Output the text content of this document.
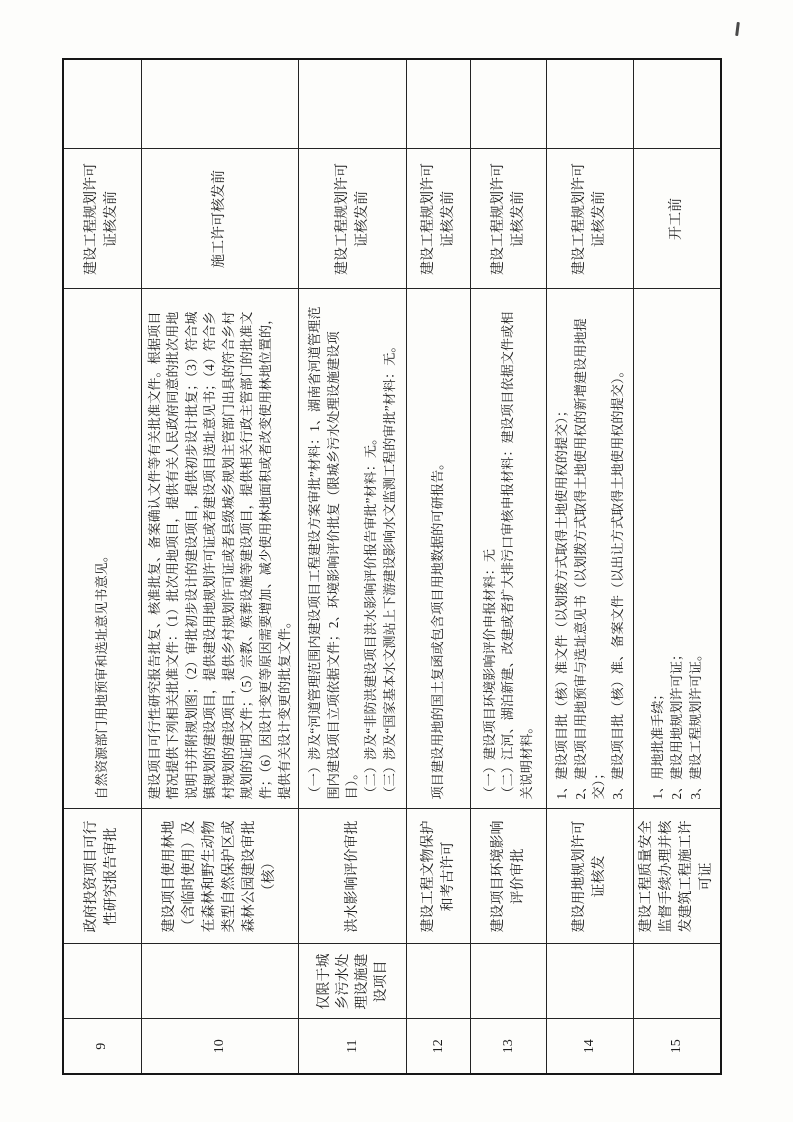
9		政府投资项目可行性研究报告审批	自然资源部门用地预审和选址意见书意见。	建设工程规划许可证核发前	
10		建设项目使用林地（含临时使用）及在森林和野生动物类型自然保护区或森林公园建设审批（核）	建设项目可行性研究报告批复、核准批复、备案确认文件等有关批准文件。根据项目情况提供下列相关批准文件：（1）批次用地项目，提供有关人民政府同意的批次用地说明书并附规划图；（2）审批初步设计的建设项目，提供初步设计批复；（3）符合城镇规划的建设项目，提供建设用地规划许可证或者建设项目选址意见书；（4）符合乡村规划的建设项目，提供乡村规划许可证或者县级城乡规划主管部门出具的符合乡村规划的证明文件；（5）宗教、殡葬设施等建设项目，提供相关行政主管部门的批准文件；（6）因设计变更等原因需要增加、减少使用林地面积或者改变使用林地位置的，提供有关设计变更的批复文件。	施工许可核发前	
11	仅限于城乡污水处理设施建设项目	洪水影响评价审批	（一）涉及“河道管理范围内建设项目工程建设方案审批”材料：1、湖南省河道管理范围内建设项目立项依据文件；2、环境影响评价批复（限城乡污水处理设施建设项目）。 （二）涉及“非防洪建设项目洪水影响评价报告审批”材料：无。 （三）涉及“国家基本水文测站上下游建设影响水文监测工程的审批”材料：无。	建设工程规划许可证核发前	
12		建设工程文物保护和考古许可	项目建设用地的国土复函或包含项目用地数据的可研报告。	建设工程规划许可证核发前	
13		建设项目环境影响评价审批	（一）建设项目环境影响评价申报材料：无 （二）江河、湖泊新建、改建或者扩大排污口审核申报材料：建设项目依据文件或相关说明材料。	建设工程规划许可证核发前	
14		建设用地规划许可证核发	1、建设项目批（核）准文件（以划拨方式取得土地使用权的提交）； 2、建设项目用地预审与选址意见书（以划拨方式取得土地使用权的新增建设用地提交）； 3、建设项目批（核）准、备案文件（以出让方式取得土地使用权的提交）。	建设工程规划许可证核发前	
15		建设工程质量安全监督手续办理并核发建筑工程施工许可证	1、用地批准手续； 2、建设用地规划许可证； 3、建设工程规划许可证。	开工前	
